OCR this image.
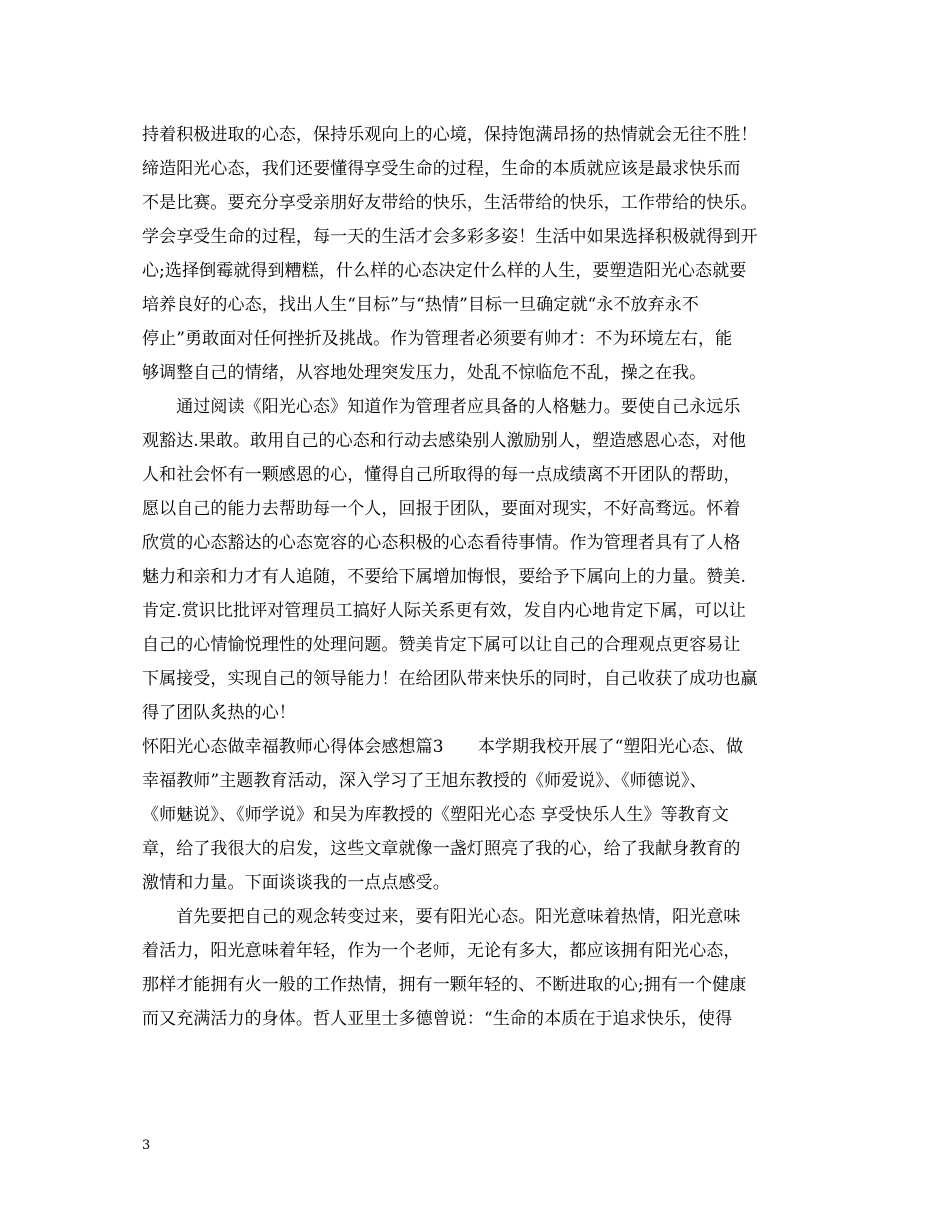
持着积极进取的心态，保持乐观向上的心境，保持饱满昂扬的热情就会无往不胜！
缔造阳光心态，我们还要懂得享受生命的过程，生命的本质就应该是最求快乐而
不是比赛。要充分享受亲朋好友带给的快乐，生活带给的快乐，工作带给的快乐。
学会享受生命的过程，每一天的生活才会多彩多姿！生活中如果选择积极就得到开
心;选择倒霉就得到糟糕，什么样的心态决定什么样的人生，要塑造阳光心态就要
培养良好的心态，找出人生“目标”与“热情”目标一旦确定就“永不放弃永不
停止”勇敢面对任何挫折及挑战。作为管理者必须要有帅才：不为环境左右，能
够调整自己的情绪，从容地处理突发压力，处乱不惊临危不乱，操之在我。
　　通过阅读《阳光心态》知道作为管理者应具备的人格魅力。要使自己永远乐
观豁达.果敢。敢用自己的心态和行动去感染别人激励别人，塑造感恩心态，对他
人和社会怀有一颗感恩的心，懂得自己所取得的每一点成绩离不开团队的帮助，
愿以自己的能力去帮助每一个人，回报于团队，要面对现实，不好高骛远。怀着
欣赏的心态豁达的心态宽容的心态积极的心态看待事情。作为管理者具有了人格
魅力和亲和力才有人追随，不要给下属增加悔恨，要给予下属向上的力量。赞美.
肯定.赏识比批评对管理员工搞好人际关系更有效，发自内心地肯定下属，可以让
自己的心情愉悦理性的处理问题。赞美肯定下属可以让自己的合理观点更容易让
下属接受，实现自己的领导能力！在给团队带来快乐的同时，自己收获了成功也赢
得了团队炙热的心！
怀阳光心态做幸福教师心得体会感想篇3　　本学期我校开展了“塑阳光心态、做
幸福教师”主题教育活动，深入学习了王旭东教授的《师爱说》、《师德说》、
《师魅说》、《师学说》和吴为库教授的《塑阳光心态 享受快乐人生》等教育文
章，给了我很大的启发，这些文章就像一盏灯照亮了我的心，给了我献身教育的
激情和力量。下面谈谈我的一点点感受。
　　首先要把自己的观念转变过来，要有阳光心态。阳光意味着热情，阳光意味
着活力，阳光意味着年轻，作为一个老师，无论有多大，都应该拥有阳光心态，
那样才能拥有火一般的工作热情，拥有一颗年轻的、不断进取的心;拥有一个健康
而又充满活力的身体。哲人亚里士多德曾说：“生命的本质在于追求快乐，使得
3
